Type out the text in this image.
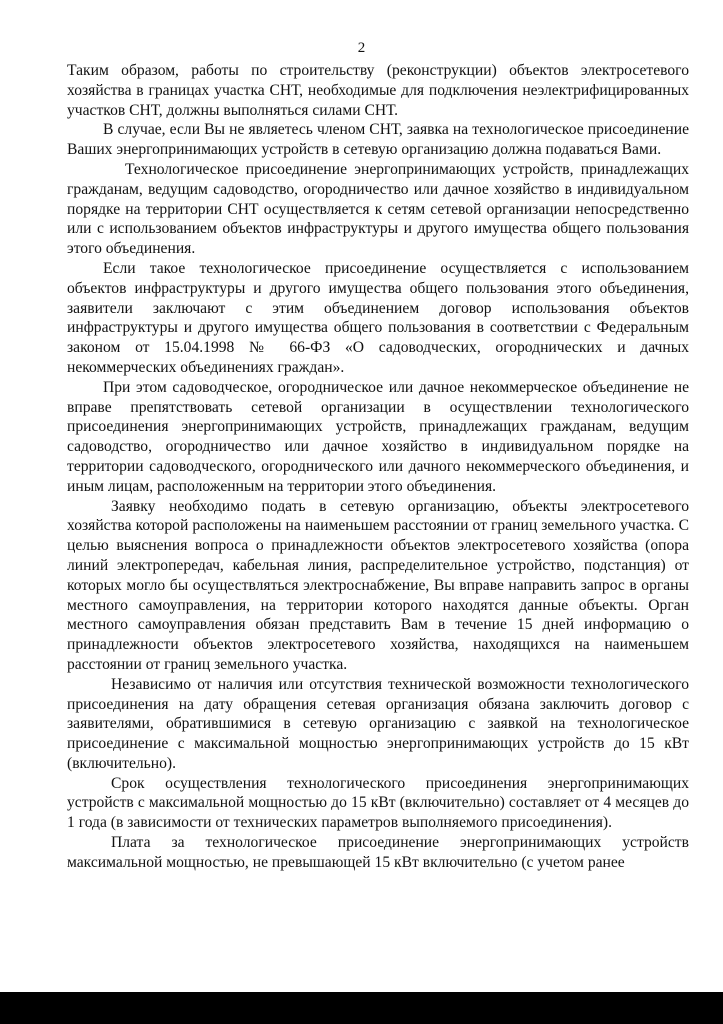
2

Таким образом, работы по строительству (реконструкции) объектов электросетевого хозяйства в границах участка СНТ, необходимые для подключения неэлектрифицированных участков СНТ, должны выполняться силами СНТ.

В случае, если Вы не являетесь членом СНТ, заявка на технологическое присоединение Ваших энергопринимающих устройств в сетевую организацию должна подаваться Вами.

Технологическое присоединение энергопринимающих устройств, принадлежащих гражданам, ведущим садоводство, огородничество или дачное хозяйство в индивидуальном порядке на территории СНТ осуществляется к сетям сетевой организации непосредственно или с использованием объектов инфраструктуры и другого имущества общего пользования этого объединения.

Если такое технологическое присоединение осуществляется с использованием объектов инфраструктуры и другого имущества общего пользования этого объединения, заявители заключают с этим объединением договор использования объектов инфраструктуры и другого имущества общего пользования в соответствии с Федеральным законом от 15.04.1998 № 66-ФЗ «О садоводческих, огороднических и дачных некоммерческих объединениях граждан».

При этом садоводческое, огородническое или дачное некоммерческое объединение не вправе препятствовать сетевой организации в осуществлении технологического присоединения энергопринимающих устройств, принадлежащих гражданам, ведущим садоводство, огородничество или дачное хозяйство в индивидуальном порядке на территории садоводческого, огороднического или дачного некоммерческого объединения, и иным лицам, расположенным на территории этого объединения.

Заявку необходимо подать в сетевую организацию, объекты электросетевого хозяйства которой расположены на наименьшем расстоянии от границ земельного участка. С целью выяснения вопроса о принадлежности объектов электросетевого хозяйства (опора линий электропередач, кабельная линия, распределительное устройство, подстанция) от которых могло бы осуществляться электроснабжение, Вы вправе направить запрос в органы местного самоуправления, на территории которого находятся данные объекты. Орган местного самоуправления обязан представить Вам в течение 15 дней информацию о принадлежности объектов электросетевого хозяйства, находящихся на наименьшем расстоянии от границ земельного участка.

Независимо от наличия или отсутствия технической возможности технологического присоединения на дату обращения сетевая организация обязана заключить договор с заявителями, обратившимися в сетевую организацию с заявкой на технологическое присоединение с максимальной мощностью энергопринимающих устройств до 15 кВт (включительно).

Срок осуществления технологического присоединения энергопринимающих устройств с максимальной мощностью до 15 кВт (включительно) составляет от 4 месяцев до 1 года (в зависимости от технических параметров выполняемого присоединения).

Плата за технологическое присоединение энергопринимающих устройств максимальной мощностью, не превышающей 15 кВт включительно (с учетом ранее
